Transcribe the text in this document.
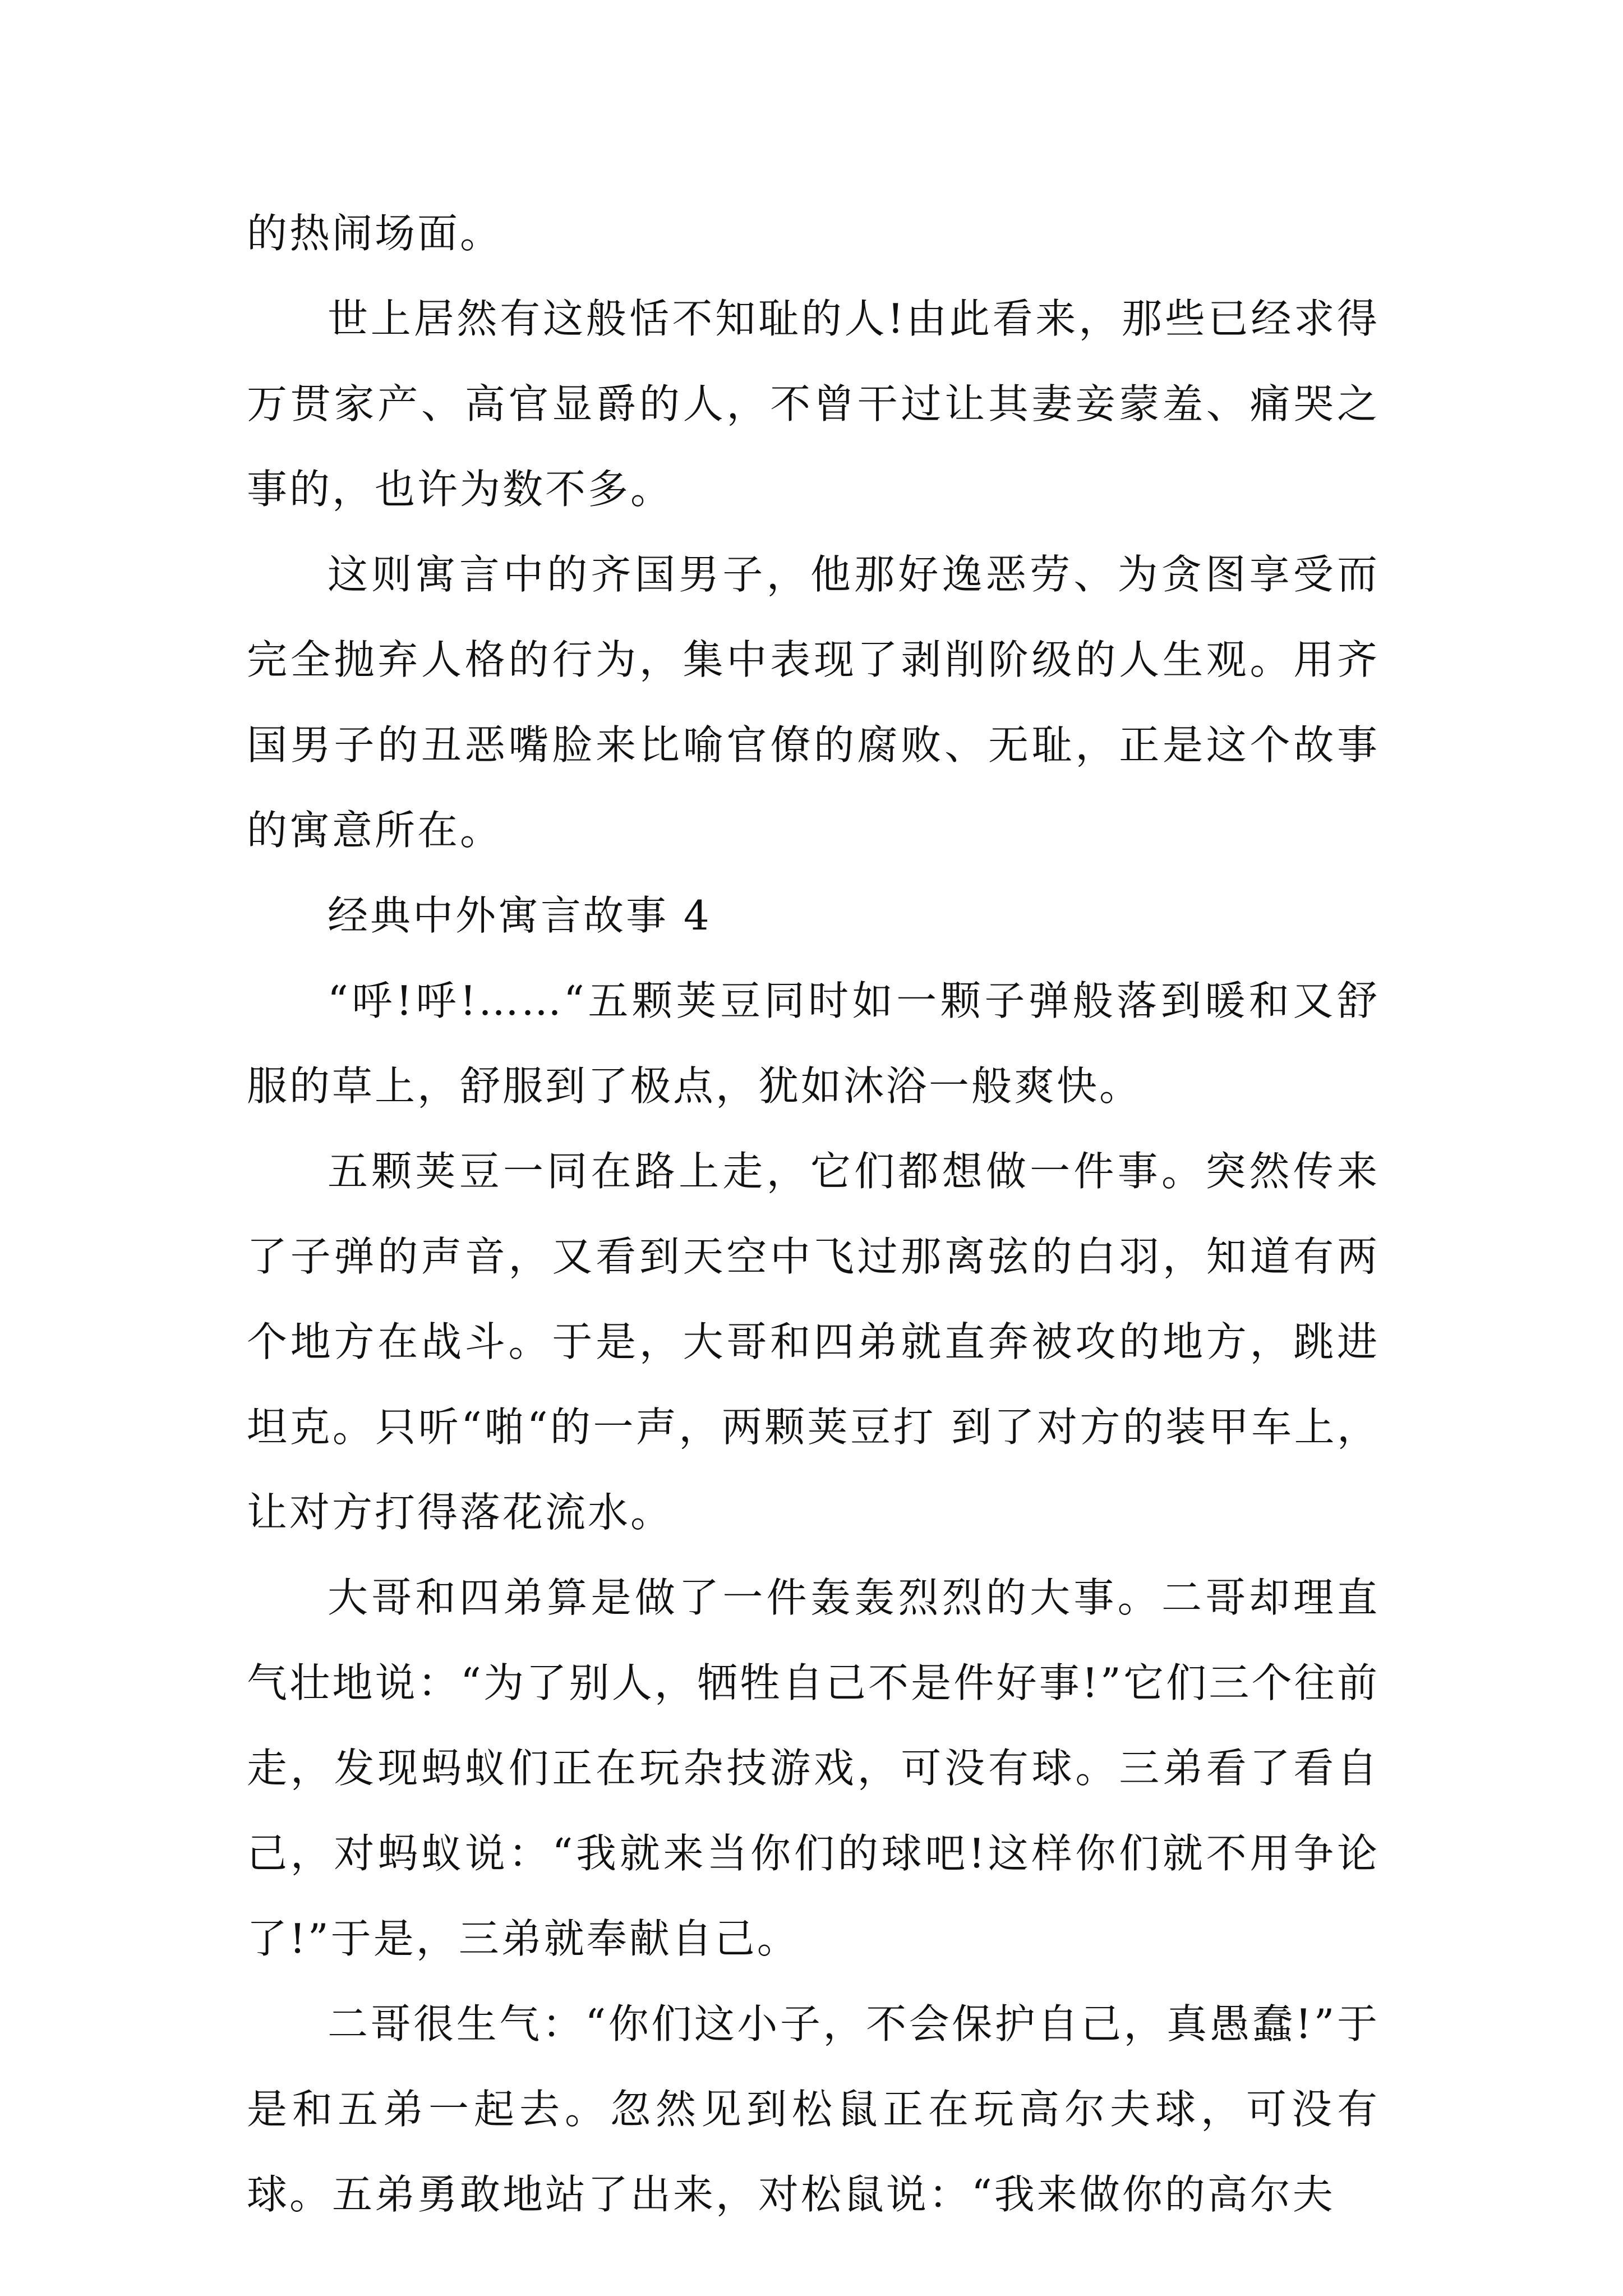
的热闹场面。

世上居然有这般恬不知耻的人!由此看来，那些已经求得万贯家产、高官显爵的人，不曾干过让其妻妾蒙羞、痛哭之事的，也许为数不多。

这则寓言中的齐国男子，他那好逸恶劳、为贪图享受而完全抛弃人格的行为，集中表现了剥削阶级的人生观。用齐国男子的丑恶嘴脸来比喻官僚的腐败、无耻，正是这个故事的寓意所在。

经典中外寓言故事 4

“呼!呼!……“五颗荚豆同时如一颗子弹般落到暖和又舒服的草上，舒服到了极点，犹如沐浴一般爽快。

五颗荚豆一同在路上走，它们都想做一件事。突然传来了子弹的声音，又看到天空中飞过那离弦的白羽，知道有两个地方在战斗。于是，大哥和四弟就直奔被攻的地方，跳进坦克。只听“啪“的一声，两颗荚豆打 到了对方的装甲车上，让对方打得落花流水。

大哥和四弟算是做了一件轰轰烈烈的大事。二哥却理直气壮地说：“为了别人，牺牲自己不是件好事!”它们三个往前走，发现蚂蚁们正在玩杂技游戏，可没有球。三弟看了看自己，对蚂蚁说：“我就来当你们的球吧!这样你们就不用争论了!”于是，三弟就奉献自己。

二哥很生气：“你们这小子，不会保护自己，真愚蠢!”于是和五弟一起去。忽然见到松鼠正在玩高尔夫球，可没有球。五弟勇敢地站了出来，对松鼠说：“我来做你的高尔夫
